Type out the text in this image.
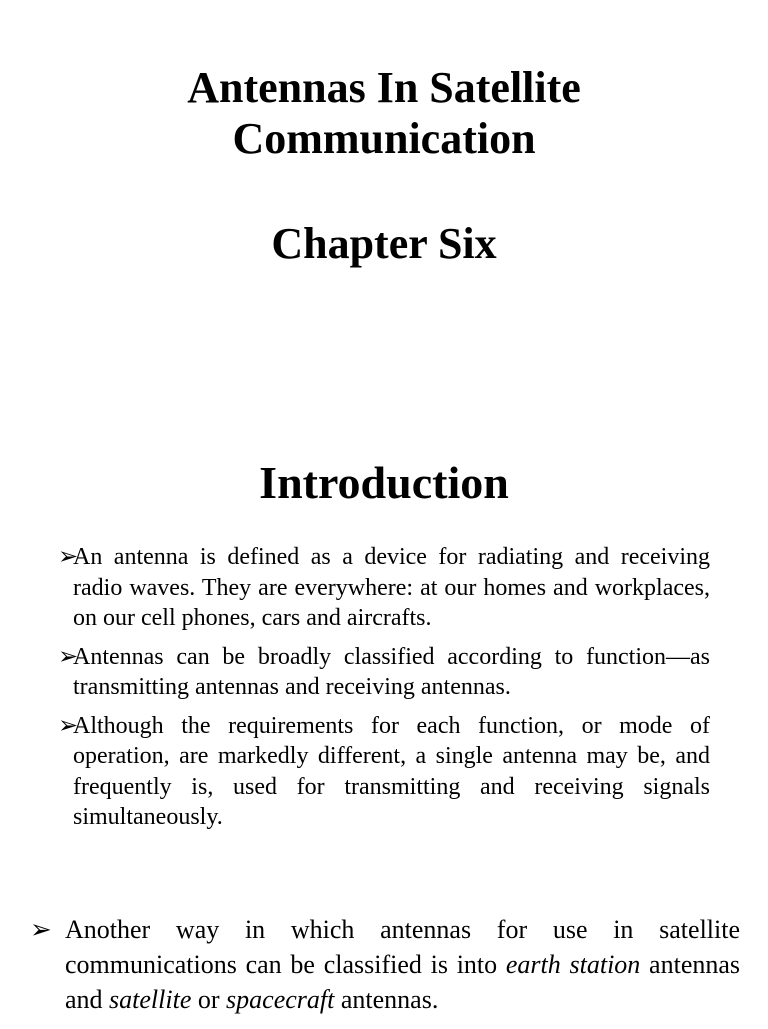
Antennas In Satellite
Communication
Chapter Six
Introduction
➢
An antenna is defined as a device for radiating and receiving radio waves. They are everywhere: at our homes and workplaces, on our cell phones, cars and aircrafts.
➢
Antennas can be broadly classified according to function—as transmitting antennas and receiving antennas.
➢
Although the requirements for each function, or mode of operation, are markedly different, a single antenna may be, and frequently is, used for transmitting and receiving signals simultaneously.
➢ Another way in which antennas for use in satellite communications can be classified is into earth station antennas and satellite or spacecraft antennas.
